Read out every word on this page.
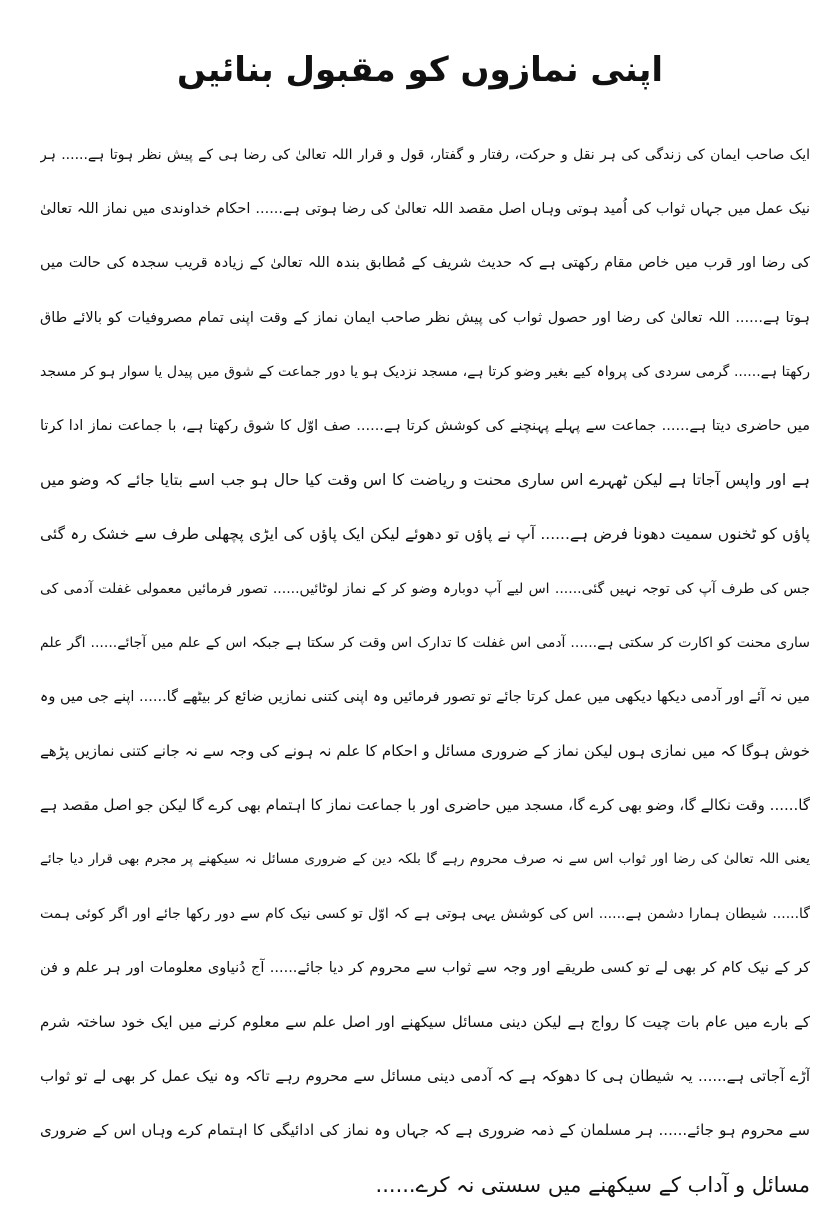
اپنی نمازوں کو مقبول بنائیں
ایک صاحب ایمان کی زندگی کی ہر نقل و حرکت، رفتار و گفتار، قول و قرار اللہ تعالیٰ کی رضا ہی کے پیش نظر ہوتا ہے...... ہر
نیک عمل میں جہاں ثواب کی اُمید ہوتی وہاں اصل مقصد اللہ تعالیٰ کی رضا ہوتی ہے...... احکام خداوندی میں نماز اللہ تعالیٰ
کی رضا اور قرب میں خاص مقام رکھتی ہے کہ حدیث شریف کے مُطابق بندہ اللہ تعالیٰ کے زیادہ قریب سجدہ کی حالت میں
ہوتا ہے...... اللہ تعالیٰ کی رضا اور حصول ثواب کی پیش نظر صاحب ایمان نماز کے وقت اپنی تمام مصروفیات کو بالائے طاق
رکھتا ہے...... گرمی سردی کی پرواہ کیے بغیر وضو کرتا ہے، مسجد نزدیک ہو یا دور جماعت کے شوق میں پیدل یا سوار ہو کر مسجد
میں حاضری دیتا ہے...... جماعت سے پہلے پہنچنے کی کوشش کرتا ہے...... صف اوّل کا شوق رکھتا ہے، با جماعت نماز ادا کرتا
ہے اور واپس آجاتا ہے لیکن ٹھہرے اس ساری محنت و ریاضت کا اس وقت کیا حال ہو جب اسے بتایا جائے کہ وضو میں
پاؤں کو ٹخنوں سمیت دھونا فرض ہے...... آپ نے پاؤں تو دھوئے لیکن ایک پاؤں کی ایڑی پچھلی طرف سے خشک رہ گئی
جس کی طرف آپ کی توجہ نہیں گئی...... اس لیے آپ دوبارہ وضو کر کے نماز لوٹائیں...... تصور فرمائیں معمولی غفلت آدمی کی
ساری محنت کو اکارت کر سکتی ہے...... آدمی اس غفلت کا تدارک اس وقت کر سکتا ہے جبکہ اس کے علم میں آجائے...... اگر علم
میں نہ آئے اور آدمی دیکھا دیکھی میں عمل کرتا جائے تو تصور فرمائیں وہ اپنی کتنی نمازیں ضائع کر بیٹھے گا...... اپنے جی میں وہ
خوش ہوگا کہ میں نمازی ہوں لیکن نماز کے ضروری مسائل و احکام کا علم نہ ہونے کی وجہ سے نہ جانے کتنی نمازیں پڑھے
گا...... وقت نکالے گا، وضو بھی کرے گا، مسجد میں حاضری اور با جماعت نماز کا اہتمام بھی کرے گا لیکن جو اصل مقصد ہے
یعنی اللہ تعالیٰ کی رضا اور ثواب اس سے نہ صرف محروم رہے گا بلکہ دین کے ضروری مسائل نہ سیکھنے پر مجرم بھی قرار دیا جائے
گا...... شیطان ہمارا دشمن ہے...... اس کی کوشش یہی ہوتی ہے کہ اوّل تو کسی نیک کام سے دور رکھا جائے اور اگر کوئی ہمت
کر کے نیک کام کر بھی لے تو کسی طریقے اور وجہ سے ثواب سے محروم کر دیا جائے...... آج دُنیاوی معلومات اور ہر علم و فن
کے بارے میں عام بات چیت کا رواج ہے لیکن دینی مسائل سیکھنے اور اصل علم سے معلوم کرنے میں ایک خود ساختہ شرم
آڑے آجاتی ہے...... یہ شیطان ہی کا دھوکہ ہے کہ آدمی دینی مسائل سے محروم رہے تاکہ وہ نیک عمل کر بھی لے تو ثواب
سے محروم ہو جائے...... ہر مسلمان کے ذمہ ضروری ہے کہ جہاں وہ نماز کی ادائیگی کا اہتمام کرے وہاں اس کے ضروری
مسائل و آداب کے سیکھنے میں سستی نہ کرے......
